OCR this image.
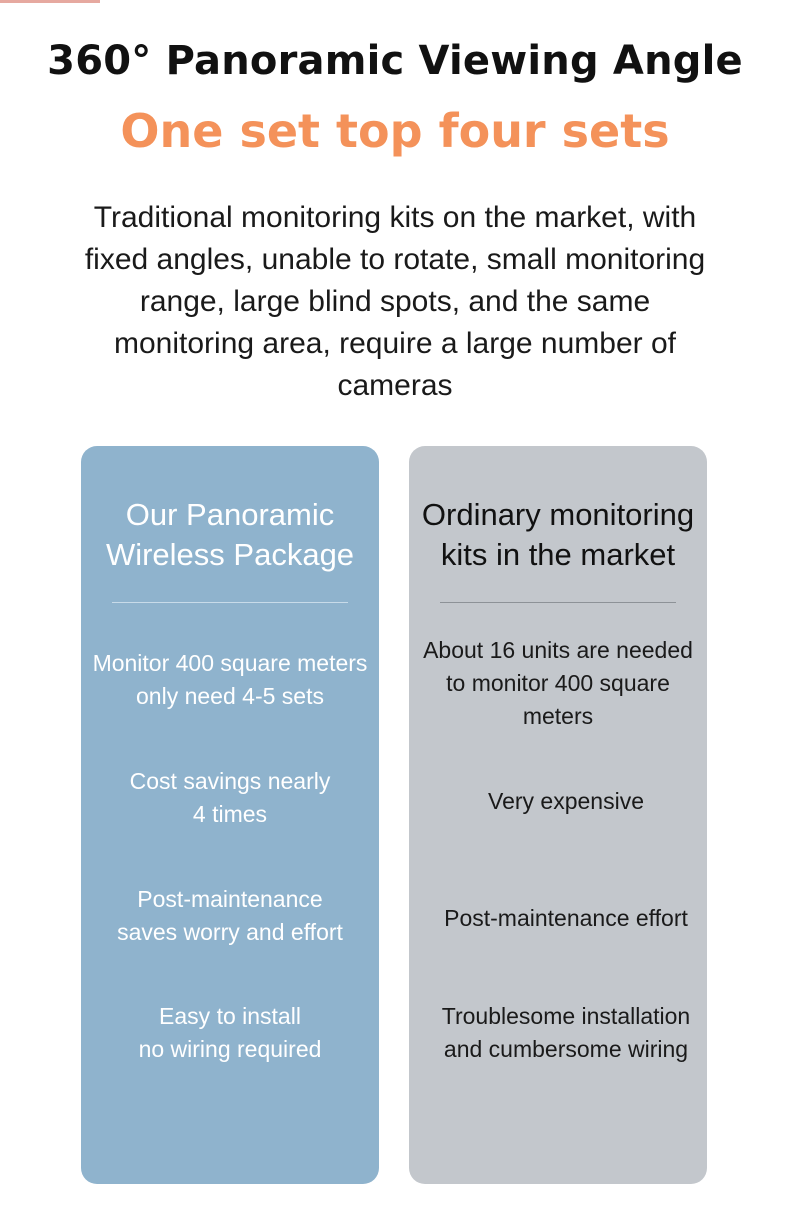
360° Panoramic Viewing Angle
One set top four sets

Traditional monitoring kits on the market, with fixed angles, unable to rotate, small monitoring range, large blind spots, and the same monitoring area, require a large number of cameras

Our Panoramic
Wireless Package
Monitor 400 square meters
only need 4-5 sets
Cost savings nearly
4 times
Post-maintenance
saves worry and effort
Easy to install
no wiring required
Ordinary monitoring
kits in the market
About 16 units are needed
to monitor 400 square
meters
Very expensive
Post-maintenance effort
Troublesome installation
and cumbersome wiring
